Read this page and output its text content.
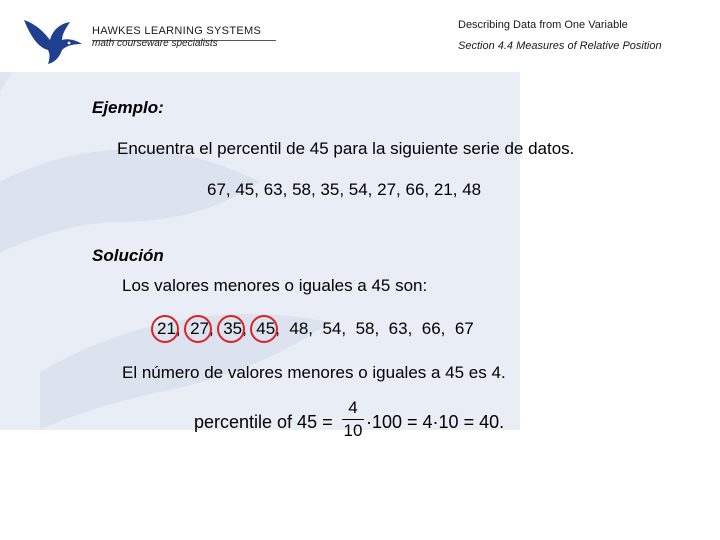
HAWKES LEARNING SYSTEMS
math courseware specialists
Describing Data from One Variable
Section 4.4 Measures of Relative Position
Ejemplo:
Encuentra el percentil de 45 para la siguiente serie de datos.
67, 45, 63, 58, 35, 54, 27, 66, 21, 48
Solución
Los valores menores o iguales a 45 son:
21
,  27
,  35
,  45
,  48,  54,  58,  63,  66,  67
El número de valores menores o iguales a 45 es 4.
percentile of 45 =
4
10 ·100 = 4·10 = 40.
